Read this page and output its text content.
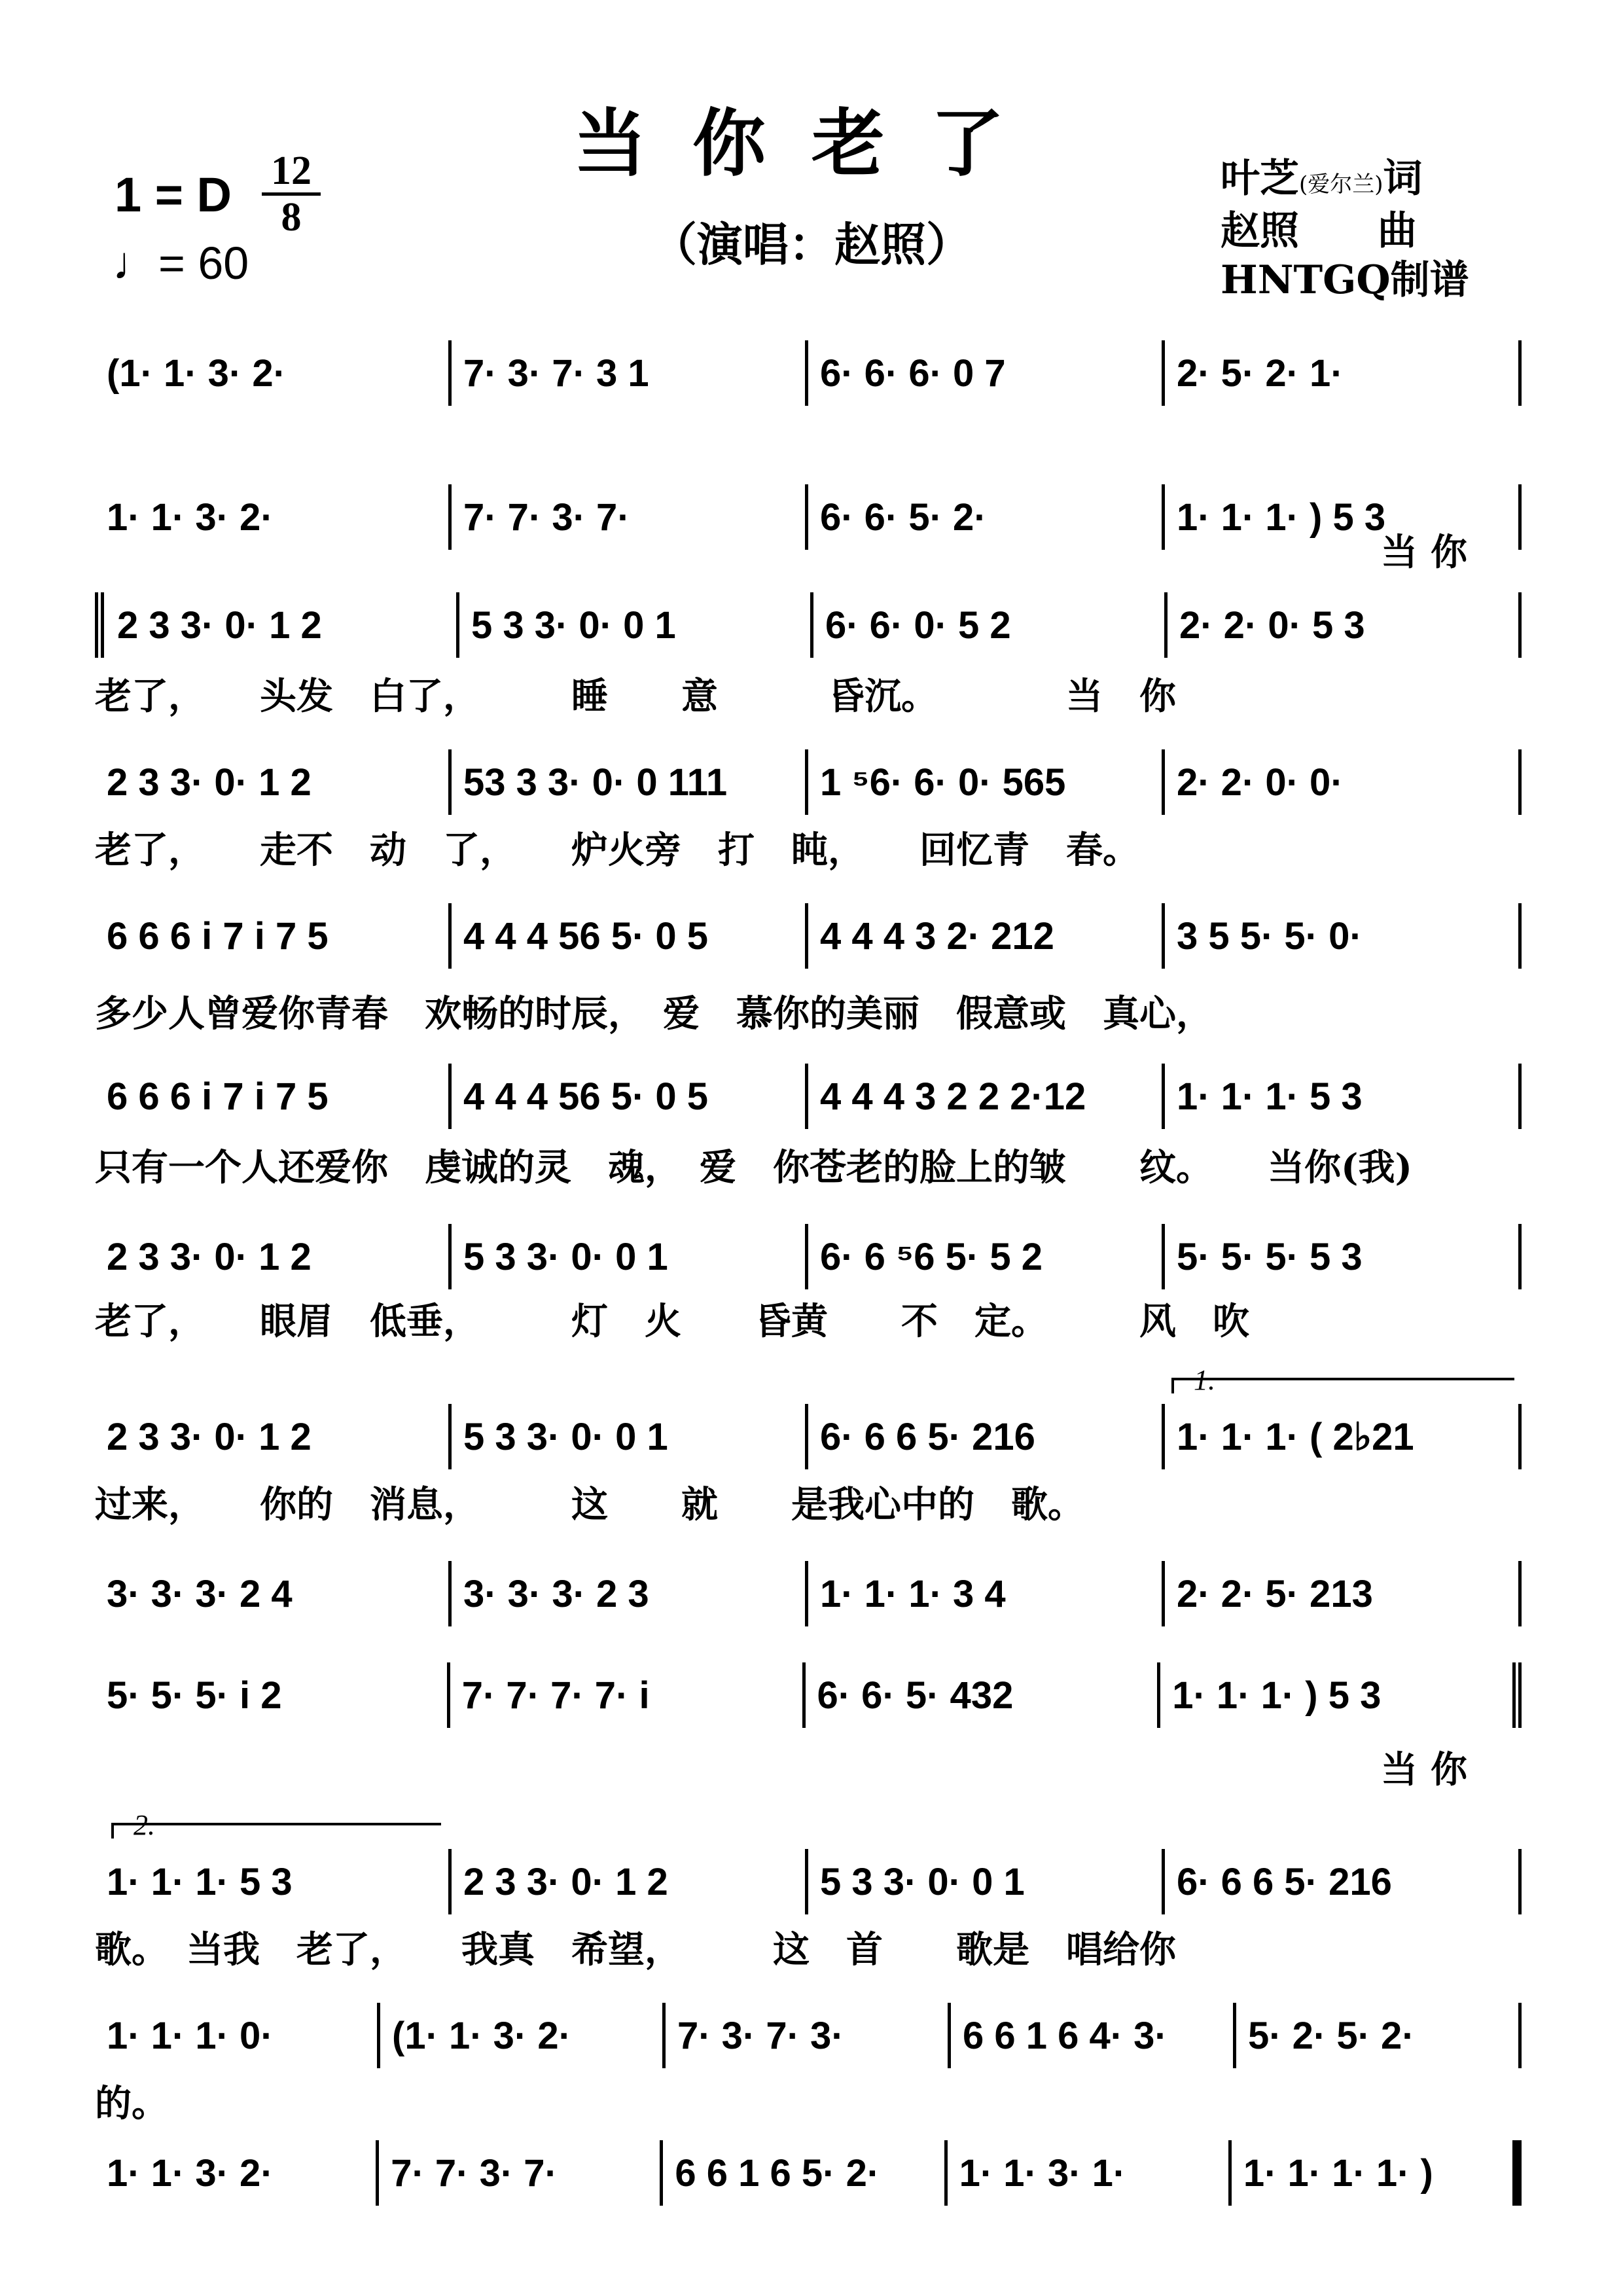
当你老了
（演唱：赵照）
1 = D $\frac{12}{8}$
♩= 60
叶芝(爱尔兰)词
赵照　　曲
HNTGQ制谱
(1· 1· 3· 2·	7· 3· 7· 3 1	6· 6· 6· 0 7	2· 5· 2· 1·
1· 1· 3· 2·	7· 7· 3· 7·	6· 6· 5· 2·	1· 1· 1· ) 5 3
当你
2 3 3· 0· 1 2	5 3 3· 0· 0 1	6· 6· 0· 5 2	2· 2· 0· 5 3
老了，　　头发　白了，　　　睡　　意　　　昏沉。　　　　当　你
2 3 3· 0· 1 2	53 3 3· 0· 0 111	1 ⁵6· 6· 0· 565	2· 2· 0· 0·
老了，　　走不　动　了，　　炉火旁　打　盹，　　回忆青　春。
6 6 6 i 7 i 7 5	4 4 4 56 5· 0 5	4 4 4 3 2· 212	3 5 5· 5· 0·
多少人曾爱你青春　欢畅的时辰，　爱　慕你的美丽　假意或　真心，
6 6 6 i 7 i 7 5	4 4 4 56 5· 0 5	4 4 4 3 2 2 2·12	1· 1· 1· 5 3
只有一个人还爱你　虔诚的灵　魂，　爱　你苍老的脸上的皱　　纹。　　当你(我)
2 3 3· 0· 1 2	5 3 3· 0· 0 1	6· 6 ⁵6 5· 5 2	5· 5· 5· 5 3
老了，　　眼眉　低垂，　　　灯　火　　昏黄　　不　定。　　　风　吹
2 3 3· 0· 1 2	5 3 3· 0· 0 1	6· 6 6 5· 216	1· 1· 1· ( 2♭21
1.
过来，　　你的　消息，　　　这　　就　　是我心中的　歌。
3· 3· 3· 2 4	3· 3· 3· 2 3	1· 1· 1· 3 4	2· 2· 5· 213
5· 5· 5· i 2	7· 7· 7· 7· i	6· 6· 5· 432	1· 1· 1· ) 5 3
当你
1· 1· 1· 5 3	2 3 3· 0· 1 2	5 3 3· 0· 0 1	6· 6 6 5· 216
2.
歌。　当我　老了，　　我真　希望，　　　这　首　　歌是　唱给你
1· 1· 1· 0·	(1· 1· 3· 2·	7· 3· 7· 3·	6 6 1 6 4· 3·	5· 2· 5· 2·
的。
1· 1· 3· 2·	7· 7· 3· 7·	6 6 1 6 5· 2·	1· 1· 3· 1·	1· 1· 1· 1· )
